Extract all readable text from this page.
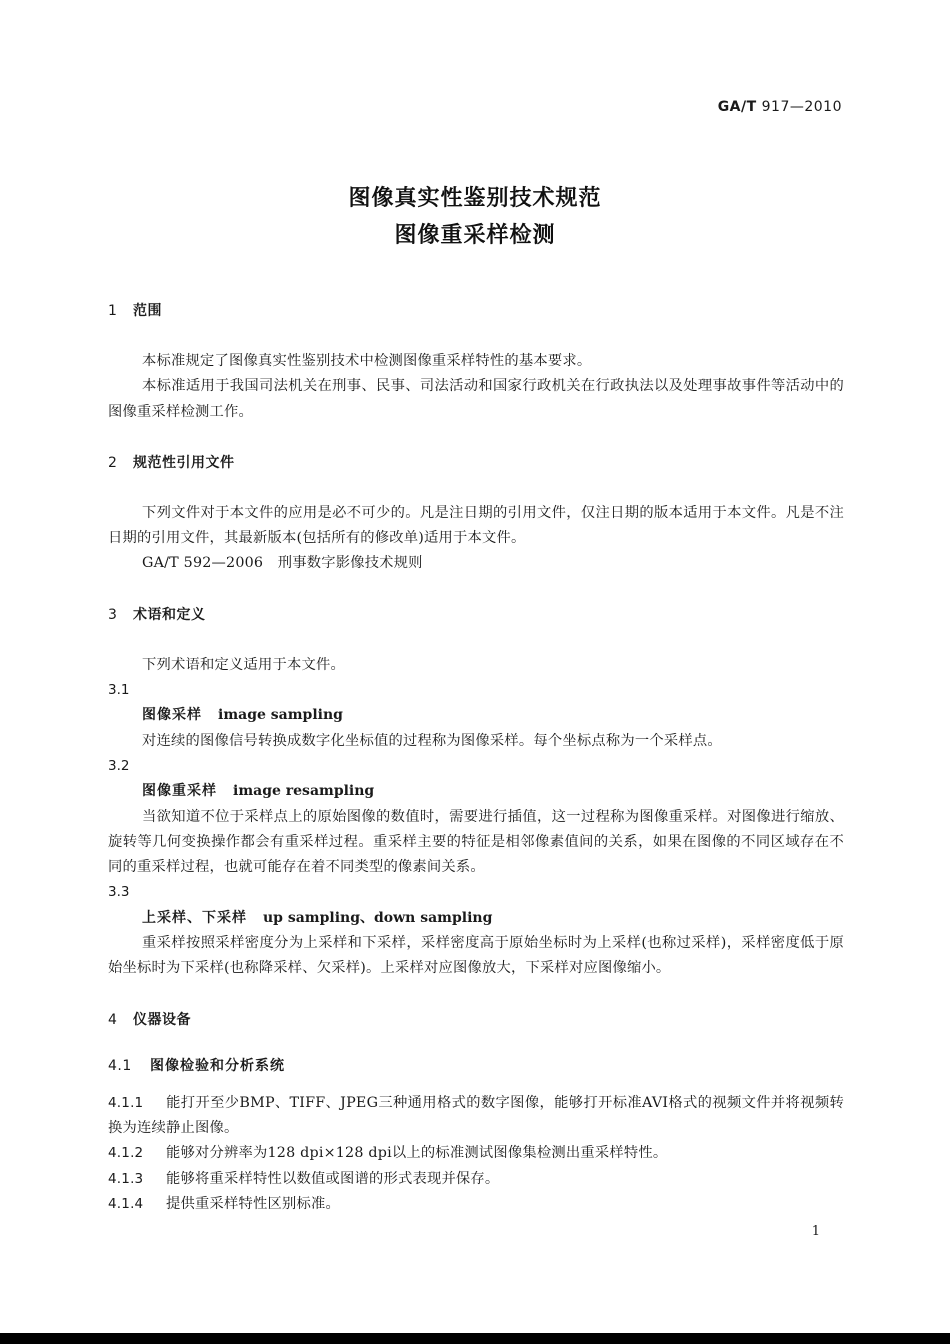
GA/T 917—2010
图像真实性鉴别技术规范
图像重采样检测
1 范围

本标准规定了图像真实性鉴别技术中检测图像重采样特性的基本要求。

本标准适用于我国司法机关在刑事、民事、司法活动和国家行政机关在行政执法以及处理事故事件等活动中的图像重采样检测工作。

2 规范性引用文件

下列文件对于本文件的应用是必不可少的。凡是注日期的引用文件，仅注日期的版本适用于本文件。凡是不注日期的引用文件，其最新版本(包括所有的修改单)适用于本文件。

GA/T 592—2006　刑事数字影像技术规则
3 术语和定义
下列术语和定义适用于本文件。
3.1
图像采样 image sampling

对连续的图像信号转换成数字化坐标值的过程称为图像采样。每个坐标点称为一个采样点。

3.2
图像重采样 image resampling

当欲知道不位于采样点上的原始图像的数值时，需要进行插值，这一过程称为图像重采样。对图像进行缩放、旋转等几何变换操作都会有重采样过程。重采样主要的特征是相邻像素值间的关系，如果在图像的不同区域存在不同的重采样过程，也就可能存在着不同类型的像素间关系。

3.3
上采样、下采样 up sampling、down sampling

重采样按照采样密度分为上采样和下采样，采样密度高于原始坐标时为上采样(也称过采样)，采样密度低于原始坐标时为下采样(也称降采样、欠采样)。上采样对应图像放大，下采样对应图像缩小。

4 仪器设备
4.1 图像检验和分析系统

4.1.1 能打开至少BMP、TIFF、JPEG三种通用格式的数字图像，能够打开标准AVI格式的视频文件并将视频转换为连续静止图像。

4.1.2 能够对分辨率为128 dpi×128 dpi以上的标准测试图像集检测出重采样特性。

4.1.3 能够将重采样特性以数值或图谱的形式表现并保存。

4.1.4 提供重采样特性区别标准。

1
